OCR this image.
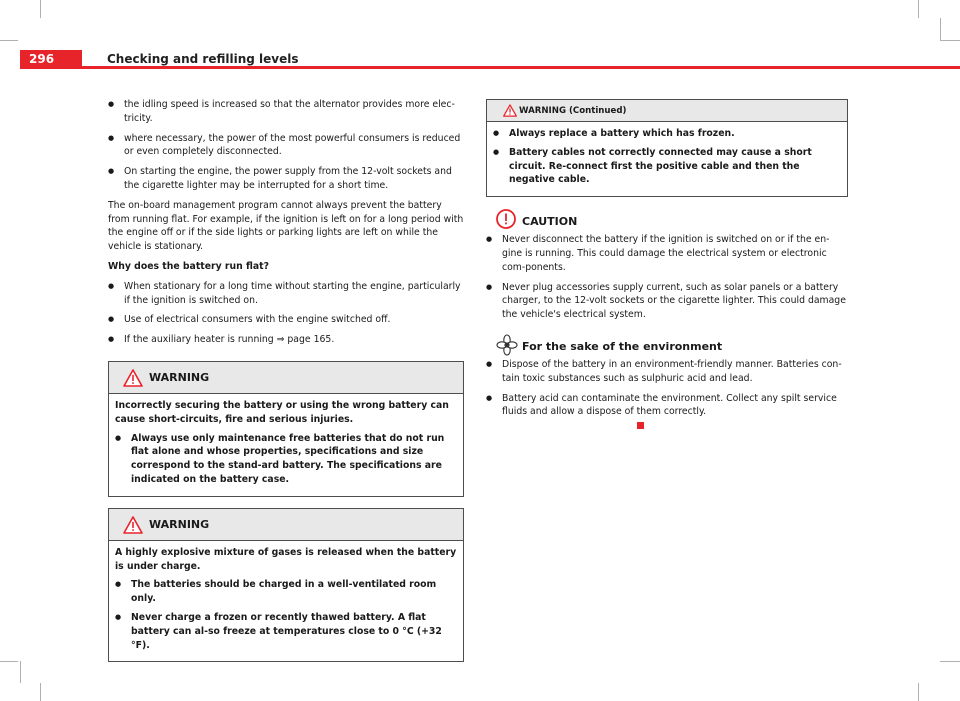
296	Checking and refilling levels

● the idling speed is increased so that the alternator provides more elec-tricity.

● where necessary, the power of the most powerful consumers is reduced or even completely disconnected.

● On starting the engine, the power supply from the 12-volt sockets and the cigarette lighter may be interrupted for a short time.

The on-board management program cannot always prevent the battery from running flat. For example, if the ignition is left on for a long period with the engine off or if the side lights or parking lights are left on while the vehicle is stationary.

Why does the battery run flat?

● When stationary for a long time without starting the engine, particularly if the ignition is switched on.

● Use of electrical consumers with the engine switched off.

● If the auxiliary heater is running ⇒ page 165.

WARNING

Incorrectly securing the battery or using the wrong battery can cause short-circuits, fire and serious injuries.

● Always use only maintenance free batteries that do not run flat alone and whose properties, specifications and size correspond to the stand-ard battery. The specifications are indicated on the battery case.

WARNING

A highly explosive mixture of gases is released when the battery is under charge.

● The batteries should be charged in a well-ventilated room only.

● Never charge a frozen or recently thawed battery. A flat battery can al-so freeze at temperatures close to 0 °C (+32 °F).

WARNING (Continued)

● Always replace a battery which has frozen.

● Battery cables not correctly connected may cause a short circuit. Re-connect first the positive cable and then the negative cable.

CAUTION

● Never disconnect the battery if the ignition is switched on or if the en-gine is running. This could damage the electrical system or electronic com-ponents.

● Never plug accessories supply current, such as solar panels or a battery charger, to the 12-volt sockets or the cigarette lighter. This could damage the vehicle's electrical system.

For the sake of the environment

● Dispose of the battery in an environment-friendly manner. Batteries con-tain toxic substances such as sulphuric acid and lead.

● Battery acid can contaminate the environment. Collect any spilt service fluids and allow a dispose of them correctly.
